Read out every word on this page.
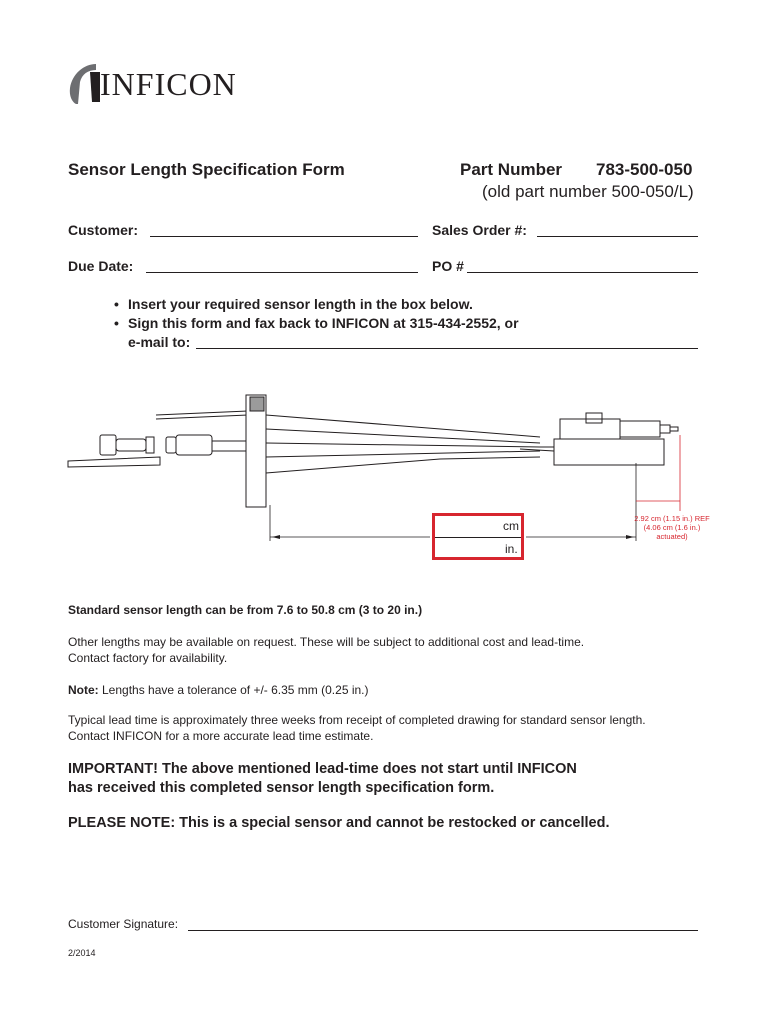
INFICON
Sensor Length Specification Form	Part Number 783-500-050
(old part number 500-050/L)
Customer:	Sales Order #:
Due Date:	PO #
• Insert your required sensor length in the box below.
• Sign this form and fax back to INFICON at 315-434-2552, or
e-mail to:
cm
in.
2.92 cm (1.15 in.) REF
(4.06 cm (1.6 in.)
actuated)
Standard sensor length can be from 7.6 to 50.8 cm (3 to 20 in.)
Other lengths may be available on request. These will be subject to additional cost and lead-time.
Contact factory for availability.
Note: Lengths have a tolerance of +/- 6.35 mm (0.25 in.)
Typical lead time is approximately three weeks from receipt of completed drawing for standard sensor length.
Contact INFICON for a more accurate lead time estimate.
IMPORTANT! The above mentioned lead-time does not start until INFICON
has received this completed sensor length specification form.
PLEASE NOTE: This is a special sensor and cannot be restocked or cancelled.
Customer Signature:
2/2014
